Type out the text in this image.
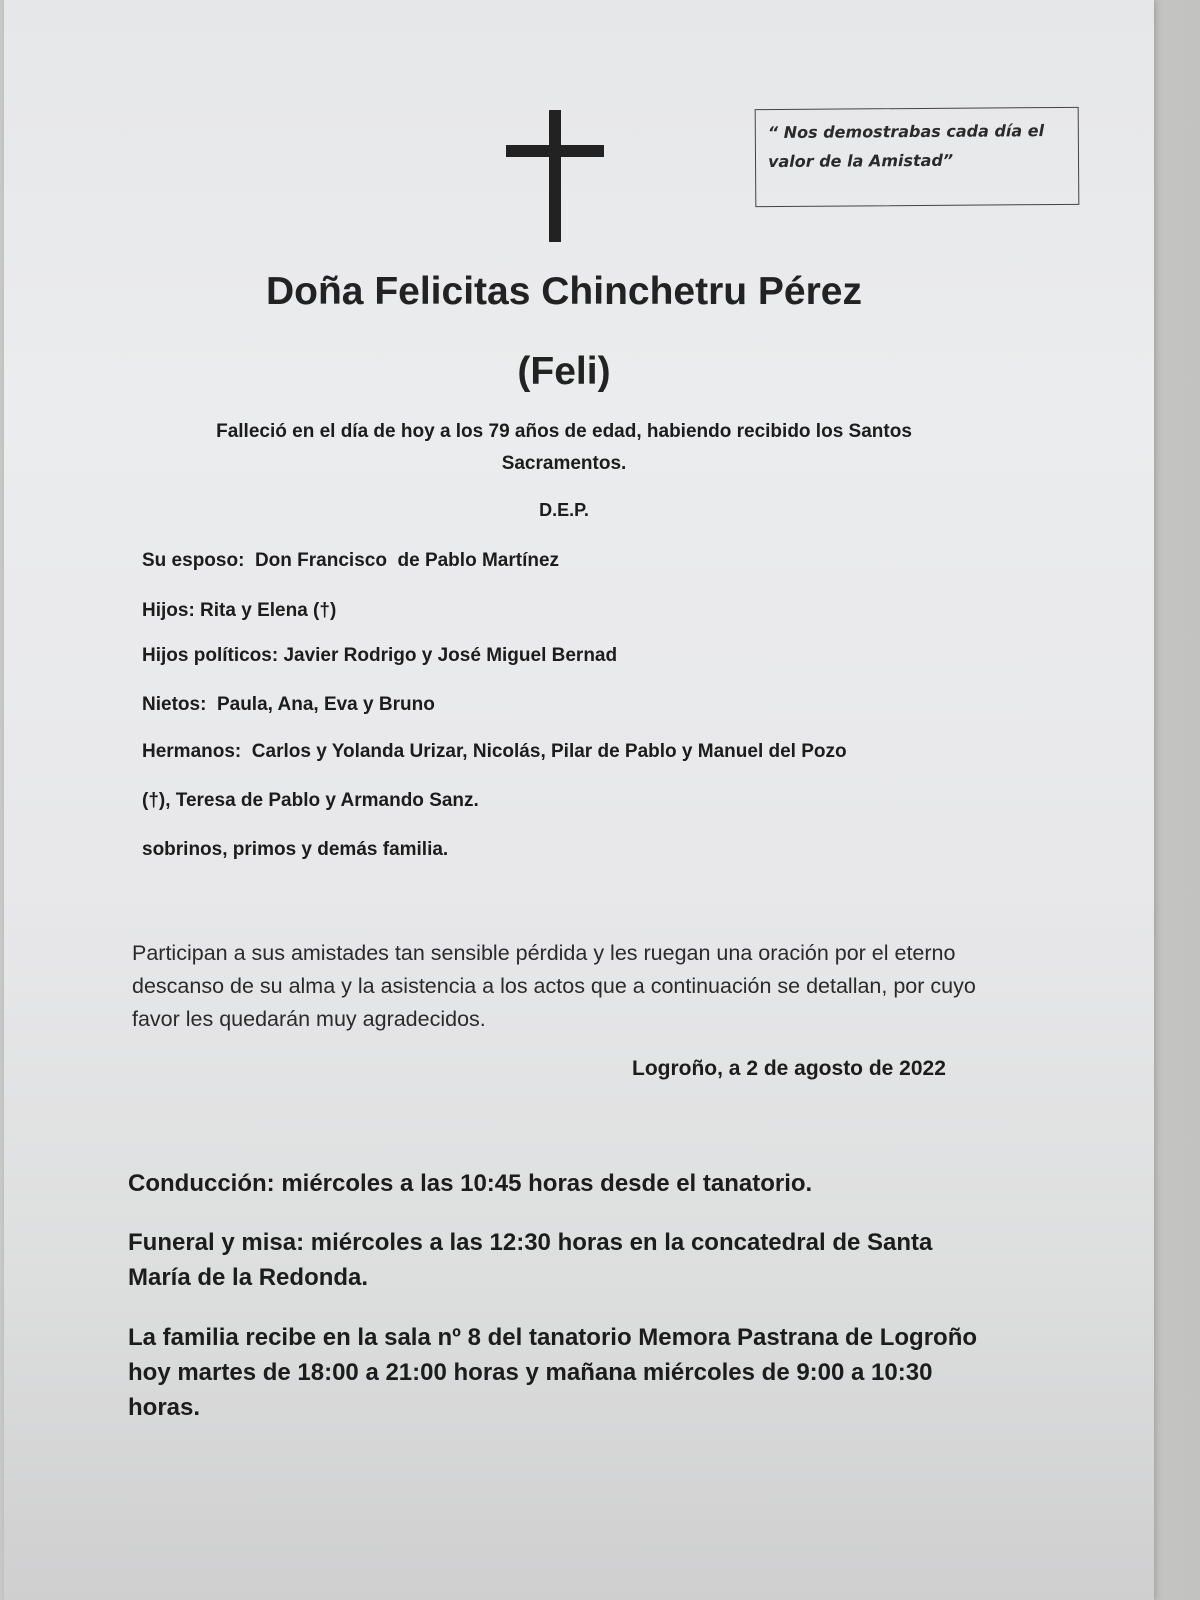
“ Nos demostrabas cada día el valor de la Amistad”
Doña Felicitas Chinchetru Pérez
(Feli)
Falleció en el día de hoy a los 79 años de edad, habiendo recibido los Santos Sacramentos.
D.E.P.
Su esposo:  Don Francisco  de Pablo Martínez
Hijos: Rita y Elena (†)
Hijos políticos: Javier Rodrigo y José Miguel Bernad
Nietos:  Paula, Ana, Eva y Bruno
Hermanos:  Carlos y Yolanda Urizar, Nicolás, Pilar de Pablo y Manuel del Pozo
(†), Teresa de Pablo y Armando Sanz.
sobrinos, primos y demás familia.
Participan a sus amistades tan sensible pérdida y les ruegan una oración por el eterno descanso de su alma y la asistencia a los actos que a continuación se detallan, por cuyo favor les quedarán muy agradecidos.
Logroño, a 2 de agosto de 2022
Conducción: miércoles a las 10:45 horas desde el tanatorio.
Funeral y misa: miércoles a las 12:30 horas en la concatedral de Santa María de la Redonda.
La familia recibe en la sala nº 8 del tanatorio Memora Pastrana de Logroño hoy martes de 18:00 a 21:00 horas y mañana miércoles de 9:00 a 10:30 horas.
